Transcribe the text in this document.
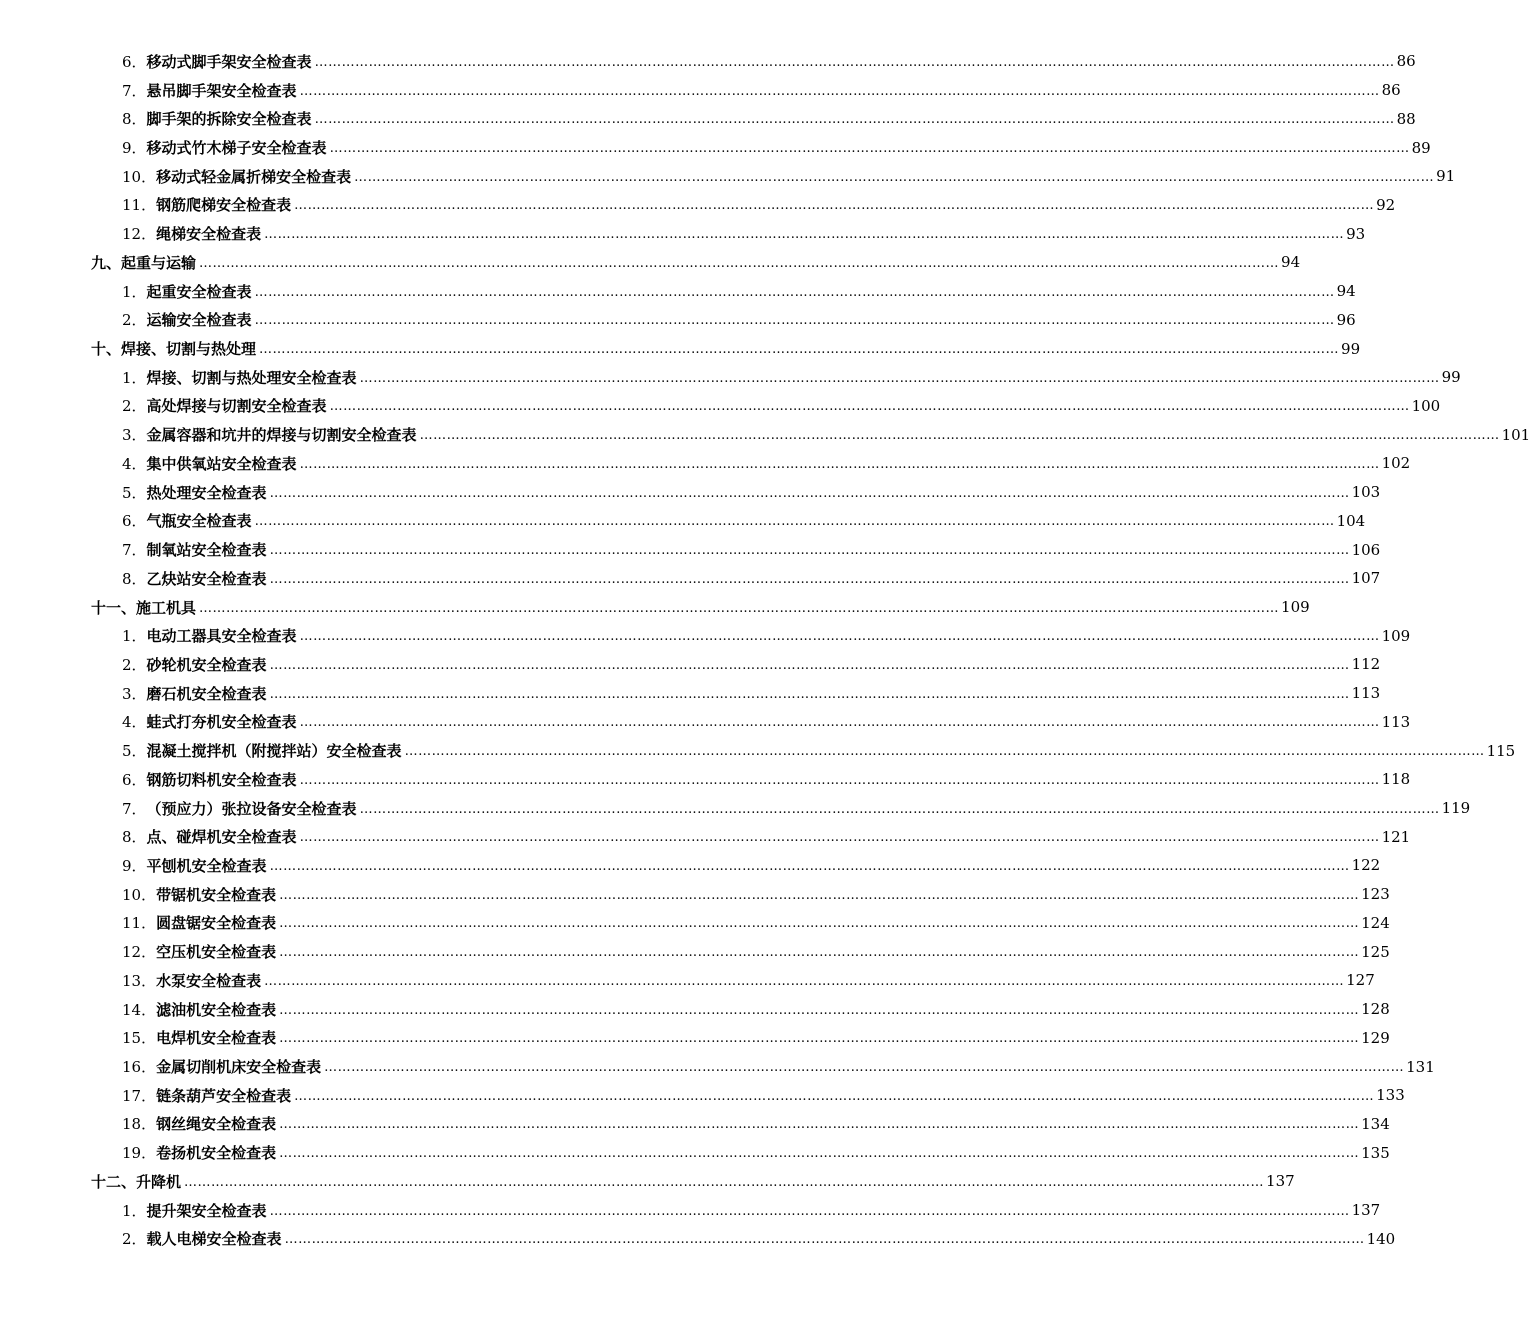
6． 移动式脚手架安全检查表 …………………………………………………………………………………………………………………………………………………………………………………………………………………… 86
7． 悬吊脚手架安全检查表 …………………………………………………………………………………………………………………………………………………………………………………………………………………… 86
8． 脚手架的拆除安全检查表 …………………………………………………………………………………………………………………………………………………………………………………………………………………… 88
9． 移动式竹木梯子安全检查表 …………………………………………………………………………………………………………………………………………………………………………………………………………………… 89
10． 移动式轻金属折梯安全检查表 …………………………………………………………………………………………………………………………………………………………………………………………………………………… 91
11． 钢筋爬梯安全检查表 …………………………………………………………………………………………………………………………………………………………………………………………………………………… 92
12． 绳梯安全检查表 …………………………………………………………………………………………………………………………………………………………………………………………………………………… 93
九、 起重与运输 …………………………………………………………………………………………………………………………………………………………………………………………………………………… 94
1． 起重安全检查表 …………………………………………………………………………………………………………………………………………………………………………………………………………………… 94
2． 运输安全检查表 …………………………………………………………………………………………………………………………………………………………………………………………………………………… 96
十、 焊接、切割与热处理 …………………………………………………………………………………………………………………………………………………………………………………………………………………… 99
1． 焊接、切割与热处理安全检查表 …………………………………………………………………………………………………………………………………………………………………………………………………………………… 99
2． 高处焊接与切割安全检查表 …………………………………………………………………………………………………………………………………………………………………………………………………………………… 100
3． 金属容器和坑井的焊接与切割安全检查表 …………………………………………………………………………………………………………………………………………………………………………………………………………………… 101
4． 集中供氧站安全检查表 …………………………………………………………………………………………………………………………………………………………………………………………………………………… 102
5． 热处理安全检查表 …………………………………………………………………………………………………………………………………………………………………………………………………………………… 103
6． 气瓶安全检查表 …………………………………………………………………………………………………………………………………………………………………………………………………………………… 104
7． 制氧站安全检查表 …………………………………………………………………………………………………………………………………………………………………………………………………………………… 106
8． 乙炔站安全检查表 …………………………………………………………………………………………………………………………………………………………………………………………………………………… 107
十一、 施工机具 …………………………………………………………………………………………………………………………………………………………………………………………………………………… 109
1． 电动工器具安全检查表 …………………………………………………………………………………………………………………………………………………………………………………………………………………… 109
2． 砂轮机安全检查表 …………………………………………………………………………………………………………………………………………………………………………………………………………………… 112
3． 磨石机安全检查表 …………………………………………………………………………………………………………………………………………………………………………………………………………………… 113
4． 蛙式打夯机安全检查表 …………………………………………………………………………………………………………………………………………………………………………………………………………………… 113
5． 混凝土搅拌机（附搅拌站）安全检查表 …………………………………………………………………………………………………………………………………………………………………………………………………………………… 115
6． 钢筋切料机安全检查表 …………………………………………………………………………………………………………………………………………………………………………………………………………………… 118
7． （预应力）张拉设备安全检查表 …………………………………………………………………………………………………………………………………………………………………………………………………………………… 119
8． 点、碰焊机安全检查表 …………………………………………………………………………………………………………………………………………………………………………………………………………………… 121
9． 平刨机安全检查表 …………………………………………………………………………………………………………………………………………………………………………………………………………………… 122
10． 带锯机安全检查表 …………………………………………………………………………………………………………………………………………………………………………………………………………………… 123
11． 圆盘锯安全检查表 …………………………………………………………………………………………………………………………………………………………………………………………………………………… 124
12． 空压机安全检查表 …………………………………………………………………………………………………………………………………………………………………………………………………………………… 125
13． 水泵安全检查表 …………………………………………………………………………………………………………………………………………………………………………………………………………………… 127
14． 滤油机安全检查表 …………………………………………………………………………………………………………………………………………………………………………………………………………………… 128
15． 电焊机安全检查表 …………………………………………………………………………………………………………………………………………………………………………………………………………………… 129
16． 金属切削机床安全检查表 …………………………………………………………………………………………………………………………………………………………………………………………………………………… 131
17． 链条葫芦安全检查表 …………………………………………………………………………………………………………………………………………………………………………………………………………………… 133
18． 钢丝绳安全检查表 …………………………………………………………………………………………………………………………………………………………………………………………………………………… 134
19． 卷扬机安全检查表 …………………………………………………………………………………………………………………………………………………………………………………………………………………… 135
十二、 升降机 …………………………………………………………………………………………………………………………………………………………………………………………………………………… 137
1． 提升架安全检查表 …………………………………………………………………………………………………………………………………………………………………………………………………………………… 137
2． 载人电梯安全检查表 …………………………………………………………………………………………………………………………………………………………………………………………………………………… 140
